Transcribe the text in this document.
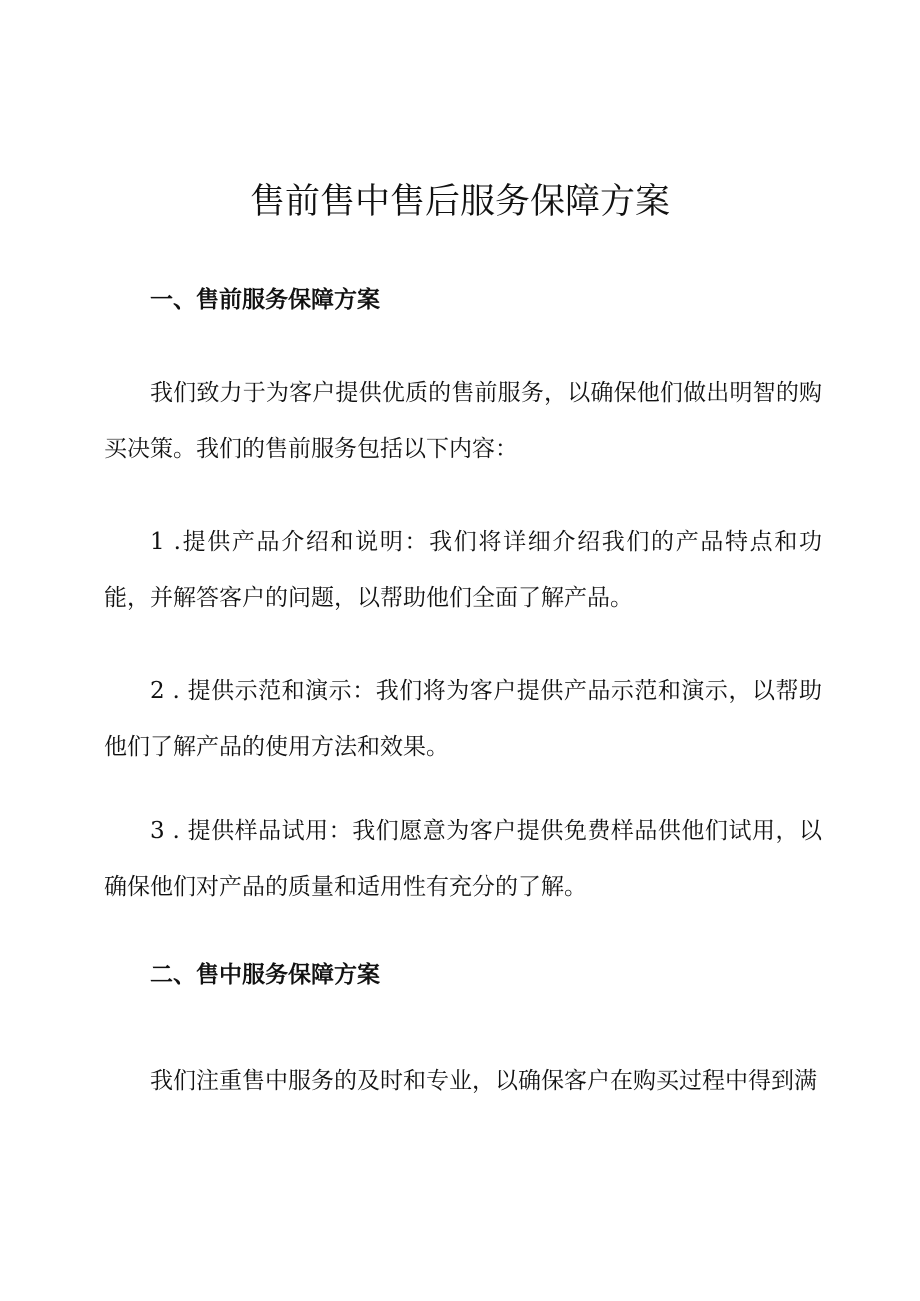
售前售中售后服务保障方案
一、售前服务保障方案

我们致力于为客户提供优质的售前服务，以确保他们做出明智的购买决策。我们的售前服务包括以下内容：

1 .提供产品介绍和说明：我们将详细介绍我们的产品特点和功能，并解答客户的问题，以帮助他们全面了解产品。

2 . 提供示范和演示：我们将为客户提供产品示范和演示，以帮助他们了解产品的使用方法和效果。

3 . 提供样品试用：我们愿意为客户提供免费样品供他们试用，以确保他们对产品的质量和适用性有充分的了解。

二、售中服务保障方案

我们注重售中服务的及时和专业，以确保客户在购买过程中得到满
